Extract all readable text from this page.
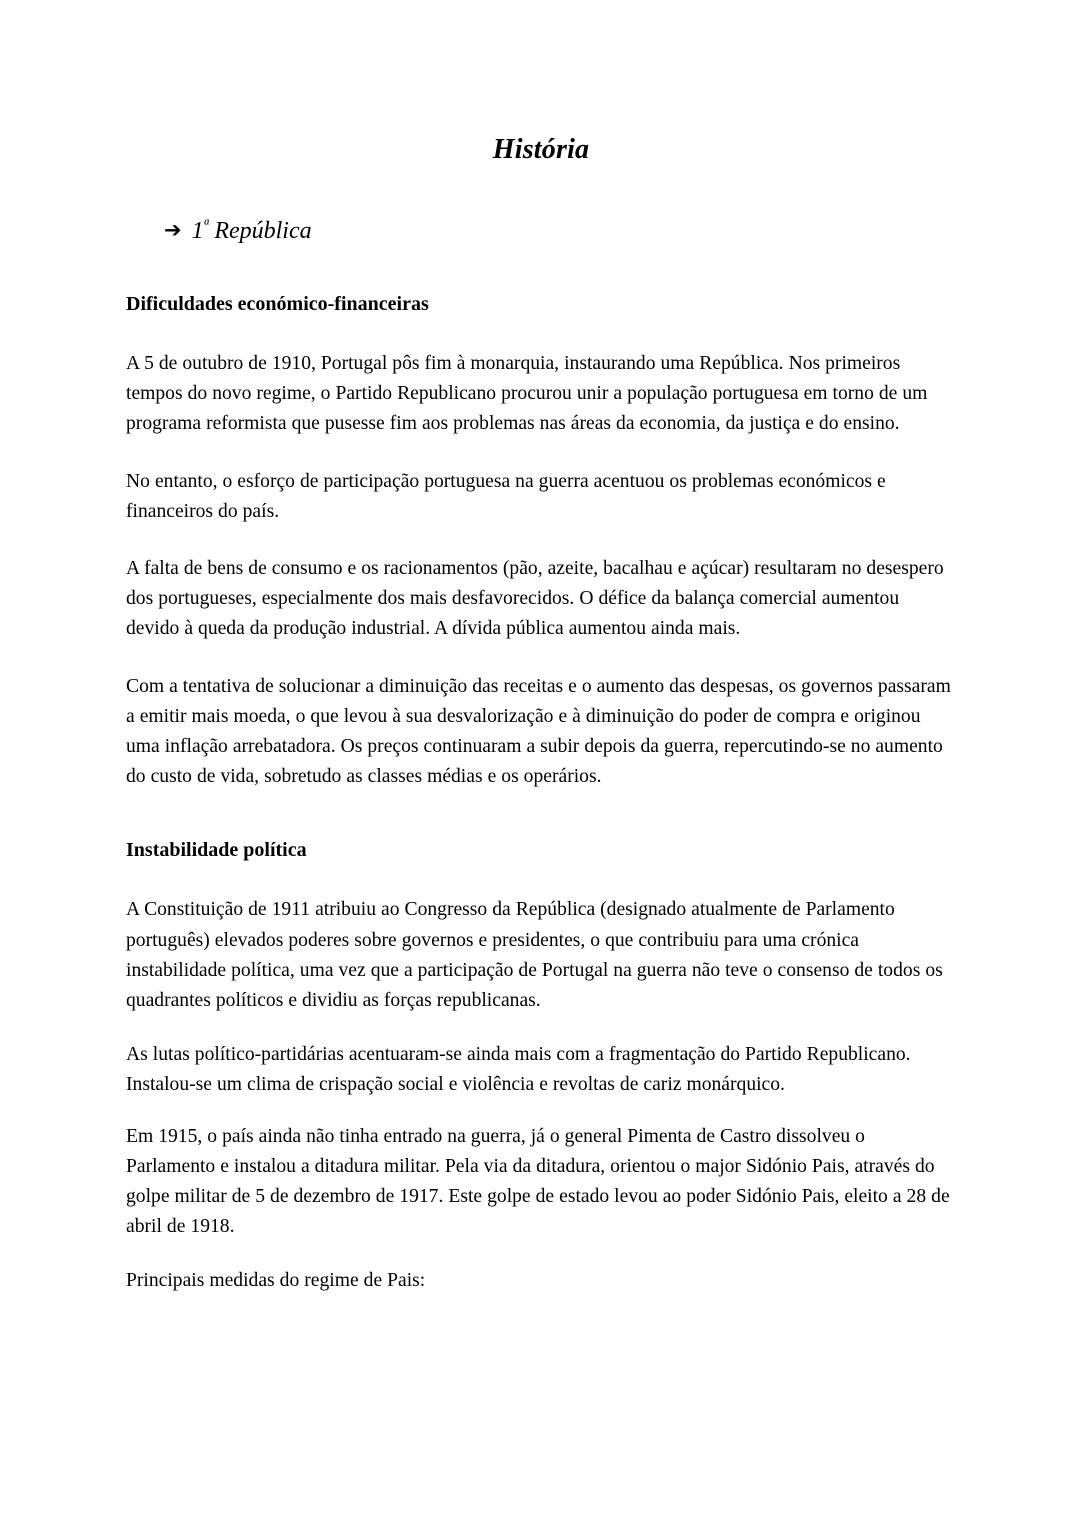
História

➔ $1^ª$ República

Dificuldades económico-financeiras

A 5 de outubro de 1910, Portugal pôs fim à monarquia, instaurando uma República. Nos primeiros tempos do novo regime, o Partido Republicano procurou unir a população portuguesa em torno de um programa reformista que pusesse fim aos problemas nas áreas da economia, da justiça e do ensino.

No entanto, o esforço de participação portuguesa na guerra acentuou os problemas económicos e financeiros do país.

A falta de bens de consumo e os racionamentos (pão, azeite, bacalhau e açúcar) resultaram no desespero dos portugueses, especialmente dos mais desfavorecidos. O défice da balança comercial aumentou devido à queda da produção industrial. A dívida pública aumentou ainda mais.

Com a tentativa de solucionar a diminuição das receitas e o aumento das despesas, os governos passaram a emitir mais moeda, o que levou à sua desvalorização e à diminuição do poder de compra e originou uma inflação arrebatadora. Os preços continuaram a subir depois da guerra, repercutindo-se no aumento do custo de vida, sobretudo as classes médias e os operários.

Instabilidade política

A Constituição de 1911 atribuiu ao Congresso da República (designado atualmente de Parlamento português) elevados poderes sobre governos e presidentes, o que contribuiu para uma crónica instabilidade política, uma vez que a participação de Portugal na guerra não teve o consenso de todos os quadrantes políticos e dividiu as forças republicanas.

As lutas político-partidárias acentuaram-se ainda mais com a fragmentação do Partido Republicano. Instalou-se um clima de crispação social e violência e revoltas de cariz monárquico.

Em 1915, o país ainda não tinha entrado na guerra, já o general Pimenta de Castro dissolveu o Parlamento e instalou a ditadura militar. Pela via da ditadura, orientou o major Sidónio Pais, através do golpe militar de 5 de dezembro de 1917. Este golpe de estado levou ao poder Sidónio Pais, eleito a 28 de abril de 1918.

Principais medidas do regime de Pais:
